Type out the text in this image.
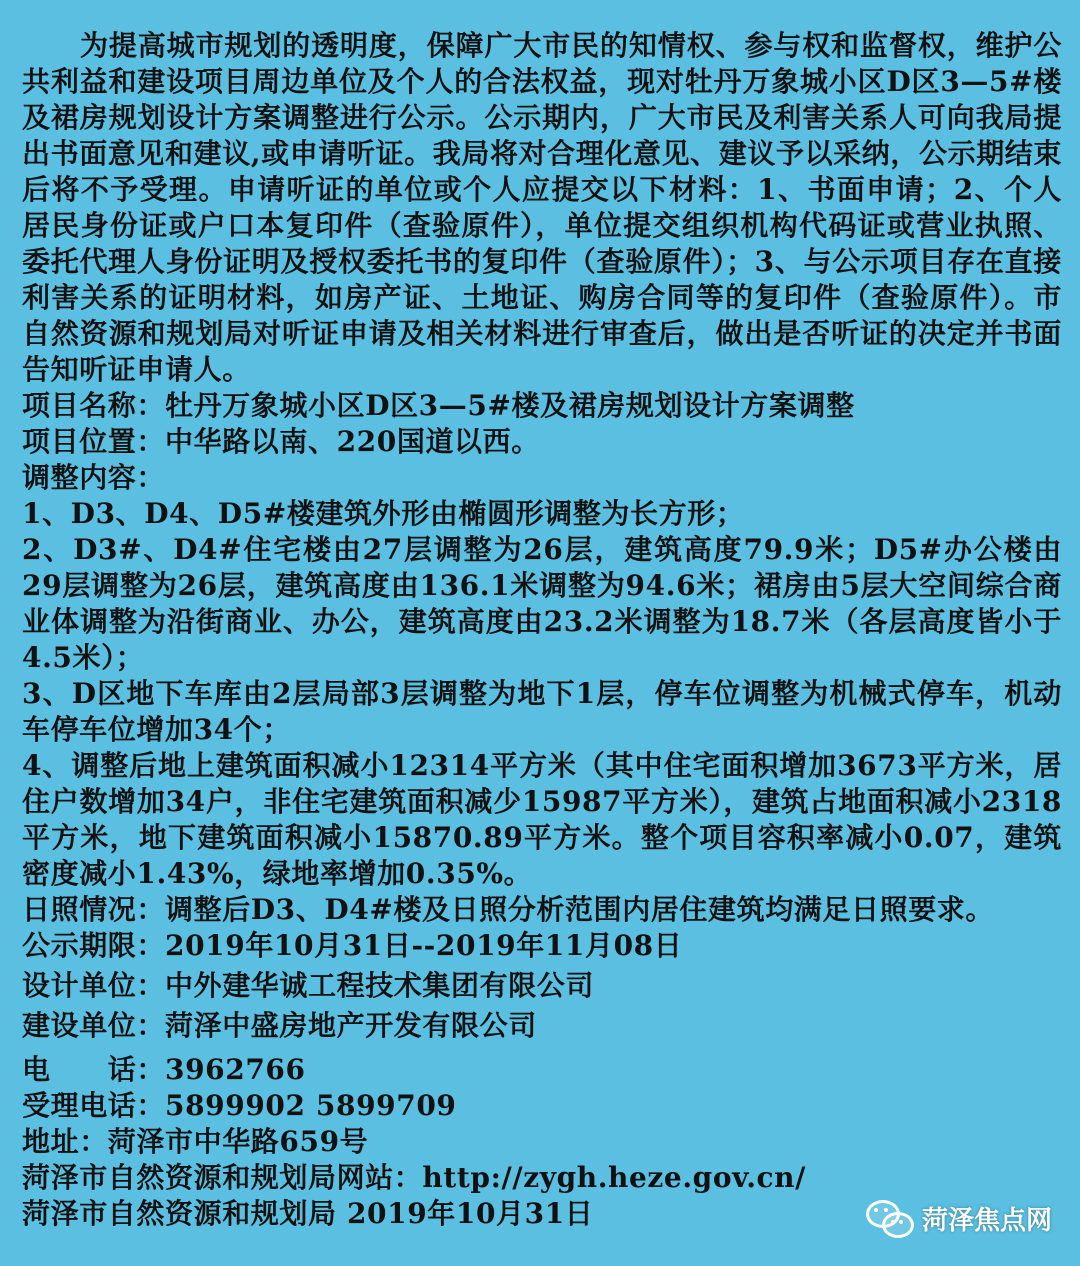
为提高城市规划的透明度，保障广大市民的知情权、参与权和监督权，维护公共利益和建设项目周边单位及个人的合法权益，现对牡丹万象城小区D区3—5#楼及裙房规划设计方案调整进行公示。公示期内，广大市民及利害关系人可向我局提出书面意见和建议,或申请听证。我局将对合理化意见、建议予以采纳，公示期结束后将不予受理。申请听证的单位或个人应提交以下材料：1、书面申请；2、个人居民身份证或户口本复印件（查验原件），单位提交组织机构代码证或营业执照、委托代理人身份证明及授权委托书的复印件（查验原件）；3、与公示项目存在直接利害关系的证明材料，如房产证、土地证、购房合同等的复印件（查验原件）。市自然资源和规划局对听证申请及相关材料进行审查后，做出是否听证的决定并书面告知听证申请人。

项目名称：牡丹万象城小区D区3—5#楼及裙房规划设计方案调整

项目位置：中华路以南、220国道以西。

调整内容：

1、D3、D4、D5#楼建筑外形由椭圆形调整为长方形；

2、D3#、D4#住宅楼由27层调整为26层，建筑高度79.9米；D5#办公楼由29层调整为26层，建筑高度由136.1米调整为94.6米；裙房由5层大空间综合商业体调整为沿街商业、办公，建筑高度由23.2米调整为18.7米（各层高度皆小于4.5米）；

3、D区地下车库由2层局部3层调整为地下1层，停车位调整为机械式停车，机动车停车位增加34个；

4、调整后地上建筑面积减小12314平方米（其中住宅面积增加3673平方米，居住户数增加34户，非住宅建筑面积减少15987平方米），建筑占地面积减小2318平方米，地下建筑面积减小15870.89平方米。整个项目容积率减小0.07，建筑密度减小1.43%，绿地率增加0.35%。

日照情况：调整后D3、D4#楼及日照分析范围内居住建筑均满足日照要求。

公示期限：2019年10月31日--2019年11月08日

设计单位：中外建华诚工程技术集团有限公司

建设单位：菏泽中盛房地产开发有限公司

电　　话：3962766

受理电话：5899902 5899709

地址：菏泽市中华路659号

菏泽市自然资源和规划局网站：http://zygh.heze.gov.cn/

菏泽市自然资源和规划局 2019年10月31日	菏泽焦点网
